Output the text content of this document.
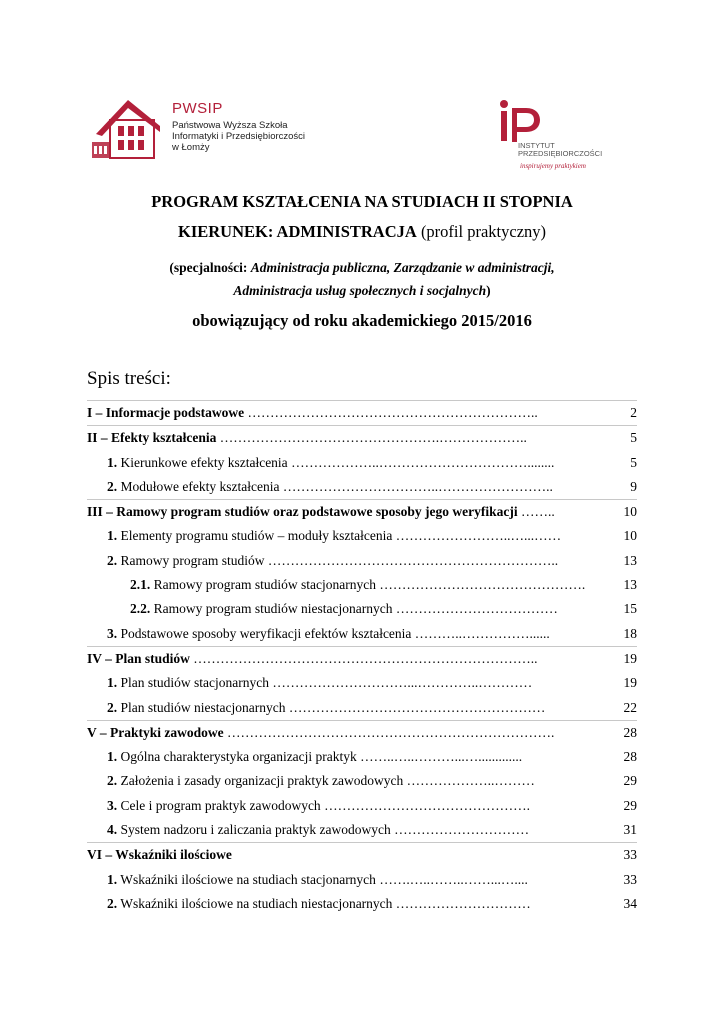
PWSIP
Państwowa Wyższa Szkoła
Informatyki i Przedsiębiorczości
w Łomży	INSTYTUT
PRZEDSIĘBIORCZOŚCI
inspirujemy praktykiem
PROGRAM KSZTAŁCENIA NA STUDIACH II STOPNIA
KIERUNEK: ADMINISTRACJA (profil praktyczny)
(specjalności: Administracja publiczna, Zarządzanie w administracji,
Administracja usług społecznych i socjalnych)
obowiązujący od roku akademickiego 2015/2016
Spis treści:
I – Informacje podstawowe ………………………………………………………..	2
II – Efekty kształcenia ………………………………………….………………..	5
1. Kierunkowe efekty kształcenia ………………..……………………………........	5
2. Modułowe efekty kształcenia ……………………………..……………………..	9
III – Ramowy program studiów oraz podstawowe sposoby jego weryfikacji ……..	10
1. Elementy programu studiów – moduły kształcenia ……………………..…...……	10
2. Ramowy program studiów ………………………………………………………..	13
2.1. Ramowy program studiów stacjonarnych ……………………………………….	13
2.2. Ramowy program studiów niestacjonarnych ………………………………	15
3. Podstawowe sposoby weryfikacji efektów kształcenia ………..……………......	18
IV – Plan studiów …………………………………………………………………..	19
1. Plan studiów stacjonarnych …………………………...…………..…………	19
2. Plan studiów niestacjonarnych …………………………………………………	22
V – Praktyki zawodowe ……………………………………………………………….	28
1. Ogólna charakterystyka organizacji praktyk ……..…..………...….............	28
2. Założenia i zasady organizacji praktyk zawodowych ………………..………	29
3. Cele i program praktyk zawodowych ……………………………………….	29
4. System nadzoru i zaliczania praktyk zawodowych …………………………	31
VI – Wskaźniki ilościowe	33
1. Wskaźniki ilościowe na studiach stacjonarnych …….…..……..……...…....	33
2. Wskaźniki ilościowe na studiach niestacjonarnych …………………………	34
